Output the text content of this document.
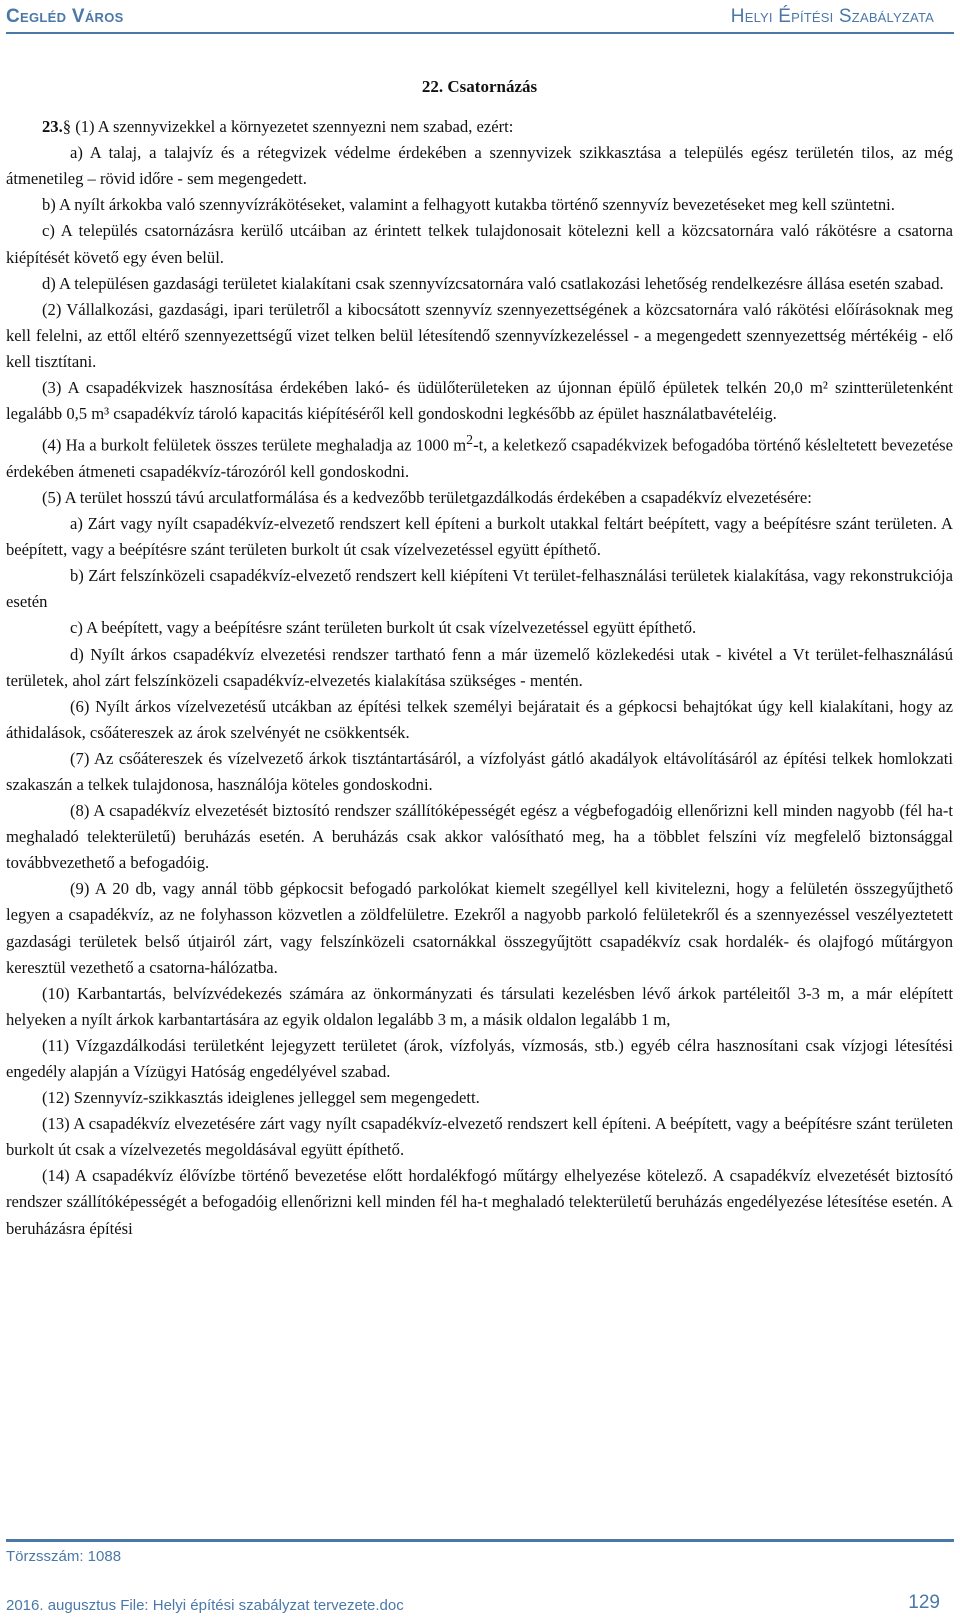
Cegléd Város	Helyi Építési Szabályzata
22. Csatornázás

23.§ (1) A szennyvizekkel a környezetet szennyezni nem szabad, ezért:

a) A talaj, a talajvíz és a rétegvizek védelme érdekében a szennyvizek szikkasztása a település egész területén tilos, az még átmenetileg – rövid időre - sem megengedett.

b) A nyílt árkokba való szennyvízrákötéseket, valamint a felhagyott kutakba történő szennyvíz bevezetéseket meg kell szüntetni.

c) A település csatornázásra kerülő utcáiban az érintett telkek tulajdonosait kötelezni kell a közcsatornára való rákötésre a csatorna kiépítését követő egy éven belül.

d) A településen gazdasági területet kialakítani csak szennyvízcsatornára való csatlakozási lehetőség rendelkezésre állása esetén szabad.

(2) Vállalkozási, gazdasági, ipari területről a kibocsátott szennyvíz szennyezettségének a közcsatornára való rákötési előírásoknak meg kell felelni, az ettől eltérő szennyezettségű vizet telken belül létesítendő szennyvízkezeléssel - a megengedett szennyezettség mértékéig - elő kell tisztítani.

(3) A csapadékvizek hasznosítása érdekében lakó- és üdülőterületeken az újonnan épülő épületek telkén 20,0 m² szintterületenként legalább 0,5 m³ csapadékvíz tároló kapacitás kiépítéséről kell gondoskodni legkésőbb az épület használatbavételéig.

(4) Ha a burkolt felületek összes területe meghaladja az 1000 $m^2-t$, a keletkező csapadékvizek befogadóba történő késleltetett bevezetése érdekében átmeneti csapadékvíz-tározóról kell gondoskodni.

(5) A terület hosszú távú arculatformálása és a kedvezőbb területgazdálkodás érdekében a csapadékvíz elvezetésére:

a) Zárt vagy nyílt csapadékvíz-elvezető rendszert kell építeni a burkolt utakkal feltárt beépített, vagy a beépítésre szánt területen. A beépített, vagy a beépítésre szánt területen burkolt út csak vízelvezetéssel együtt építhető.

b) Zárt felszínközeli csapadékvíz-elvezető rendszert kell kiépíteni Vt terület-felhasználási területek kialakítása, vagy rekonstrukciója esetén

c) A beépített, vagy a beépítésre szánt területen burkolt út csak vízelvezetéssel együtt építhető.

d) Nyílt árkos csapadékvíz elvezetési rendszer tartható fenn a már üzemelő közlekedési utak - kivétel a Vt terület-felhasználású területek, ahol zárt felszínközeli csapadékvíz-elvezetés kialakítása szükséges - mentén.

(6) Nyílt árkos vízelvezetésű utcákban az építési telkek személyi bejáratait és a gépkocsi behajtókat úgy kell kialakítani, hogy az áthidalások, csőátereszek az árok szelvényét ne csökkentsék.

(7) Az csőátereszek és vízelvezető árkok tisztántartásáról, a vízfolyást gátló akadályok eltávolításáról az építési telkek homlokzati szakaszán a telkek tulajdonosa, használója köteles gondoskodni.

(8) A csapadékvíz elvezetését biztosító rendszer szállítóképességét egész a végbefogadóig ellenőrizni kell minden nagyobb (fél ha-t meghaladó telekterületű) beruházás esetén. A beruházás csak akkor valósítható meg, ha a többlet felszíni víz megfelelő biztonsággal továbbvezethető a befogadóig.

(9) A 20 db, vagy annál több gépkocsit befogadó parkolókat kiemelt szegéllyel kell kivitelezni, hogy a felületén összegyűjthető legyen a csapadékvíz, az ne folyhasson közvetlen a zöldfelületre. Ezekről a nagyobb parkoló felületekről és a szennyezéssel veszélyeztetett gazdasági területek belső útjairól zárt, vagy felszínközeli csatornákkal összegyűjtött csapadékvíz csak hordalék- és olajfogó műtárgyon keresztül vezethető a csatorna-hálózatba.

(10) Karbantartás, belvízvédekezés számára az önkormányzati és társulati kezelésben lévő árkok partéleitől 3-3 m, a már elépített helyeken a nyílt árkok karbantartására az egyik oldalon legalább 3 m, a másik oldalon legalább 1 m,

(11) Vízgazdálkodási területként lejegyzett területet (árok, vízfolyás, vízmosás, stb.) egyéb célra hasznosítani csak vízjogi létesítési engedély alapján a Vízügyi Hatóság engedélyével szabad.

(12) Szennyvíz-szikkasztás ideiglenes jelleggel sem megengedett.

(13) A csapadékvíz elvezetésére zárt vagy nyílt csapadékvíz-elvezető rendszert kell építeni. A beépített, vagy a beépítésre szánt területen burkolt út csak a vízelvezetés megoldásával együtt építhető.

(14) A csapadékvíz élővízbe történő bevezetése előtt hordalékfogó műtárgy elhelyezése kötelező. A csapadékvíz elvezetését biztosító rendszer szállítóképességét a befogadóig ellenőrizni kell minden fél ha-t meghaladó telekterületű beruházás engedélyezése létesítése esetén. A beruházásra építési

Törzsszám: 1088
2016. augusztus File: Helyi építési szabályzat tervezete.doc	129
